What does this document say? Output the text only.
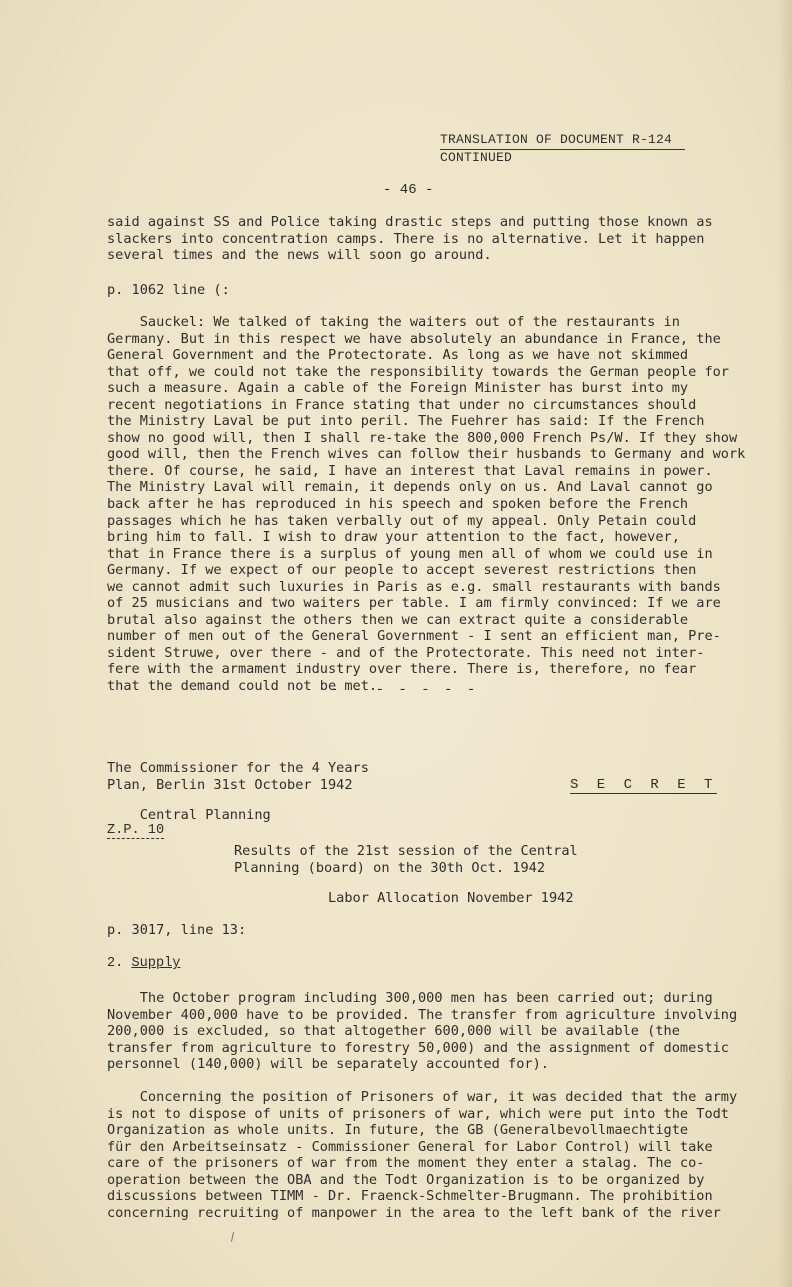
TRANSLATION OF DOCUMENT R-124
CONTINUED
- 46 -
said against SS and Police taking drastic steps and putting those known as
slackers into concentration camps. There is no alternative. Let it happen
several times and the news will soon go around.
p. 1062 line (:
Sauckel: We talked of taking the waiters out of the restaurants in
Germany. But in this respect we have absolutely an abundance in France, the
General Government and the Protectorate. As long as we have not skimmed
that off, we could not take the responsibility towards the German people for
such a measure. Again a cable of the Foreign Minister has burst into my
recent negotiations in France stating that under no circumstances should
the Ministry Laval be put into peril. The Fuehrer has said: If the French
show no good will, then I shall re-take the 800,000 French Ps/W. If they show
good will, then the French wives can follow their husbands to Germany and work
there. Of course, he said, I have an interest that Laval remains in power.
The Ministry Laval will remain, it depends only on us. And Laval cannot go
back after he has reproduced in his speech and spoken before the French
passages which he has taken verbally out of my appeal. Only Petain could
bring him to fall. I wish to draw your attention to the fact, however,
that in France there is a surplus of young men all of whom we could use in
Germany. If we expect of our people to accept severest restrictions then
we cannot admit such luxuries in Paris as e.g. small restaurants with bands
of 25 musicians and two waiters per table. I am firmly convinced: If we are
brutal also against the others then we can extract quite a considerable
number of men out of the General Government - I sent an efficient man, Pre-
sident Struwe, over there - and of the Protectorate. This need not inter-
fere with the armament industry over there. There is, therefore, no fear
that the demand could not be met.
- - - - - - -
The Commissioner for the 4 Years
Plan, Berlin 31st October 1942	S E C R E T
Central Planning
Z.P. 10
Results of the 21st session of the Central
Planning (board) on the 30th Oct. 1942
Labor Allocation November 1942
p. 3017, line 13:
2. Supply
The October program including 300,000 men has been carried out; during
November 400,000 have to be provided. The transfer from agriculture involving
200,000 is excluded, so that altogether 600,000 will be available (the
transfer from agriculture to forestry 50,000) and the assignment of domestic
personnel (140,000) will be separately accounted for).
Concerning the position of Prisoners of war, it was decided that the army
is not to dispose of units of prisoners of war, which were put into the Todt
Organization as whole units. In future, the GB (Generalbevollmaechtigte
für den Arbeitseinsatz - Commissioner General for Labor Control) will take
care of the prisoners of war from the moment they enter a stalag. The co-
operation between the OBA and the Todt Organization is to be organized by
discussions between TIMM - Dr. Fraenck-Schmelter-Brugmann. The prohibition
concerning recruiting of manpower in the area to the left bank of the river
